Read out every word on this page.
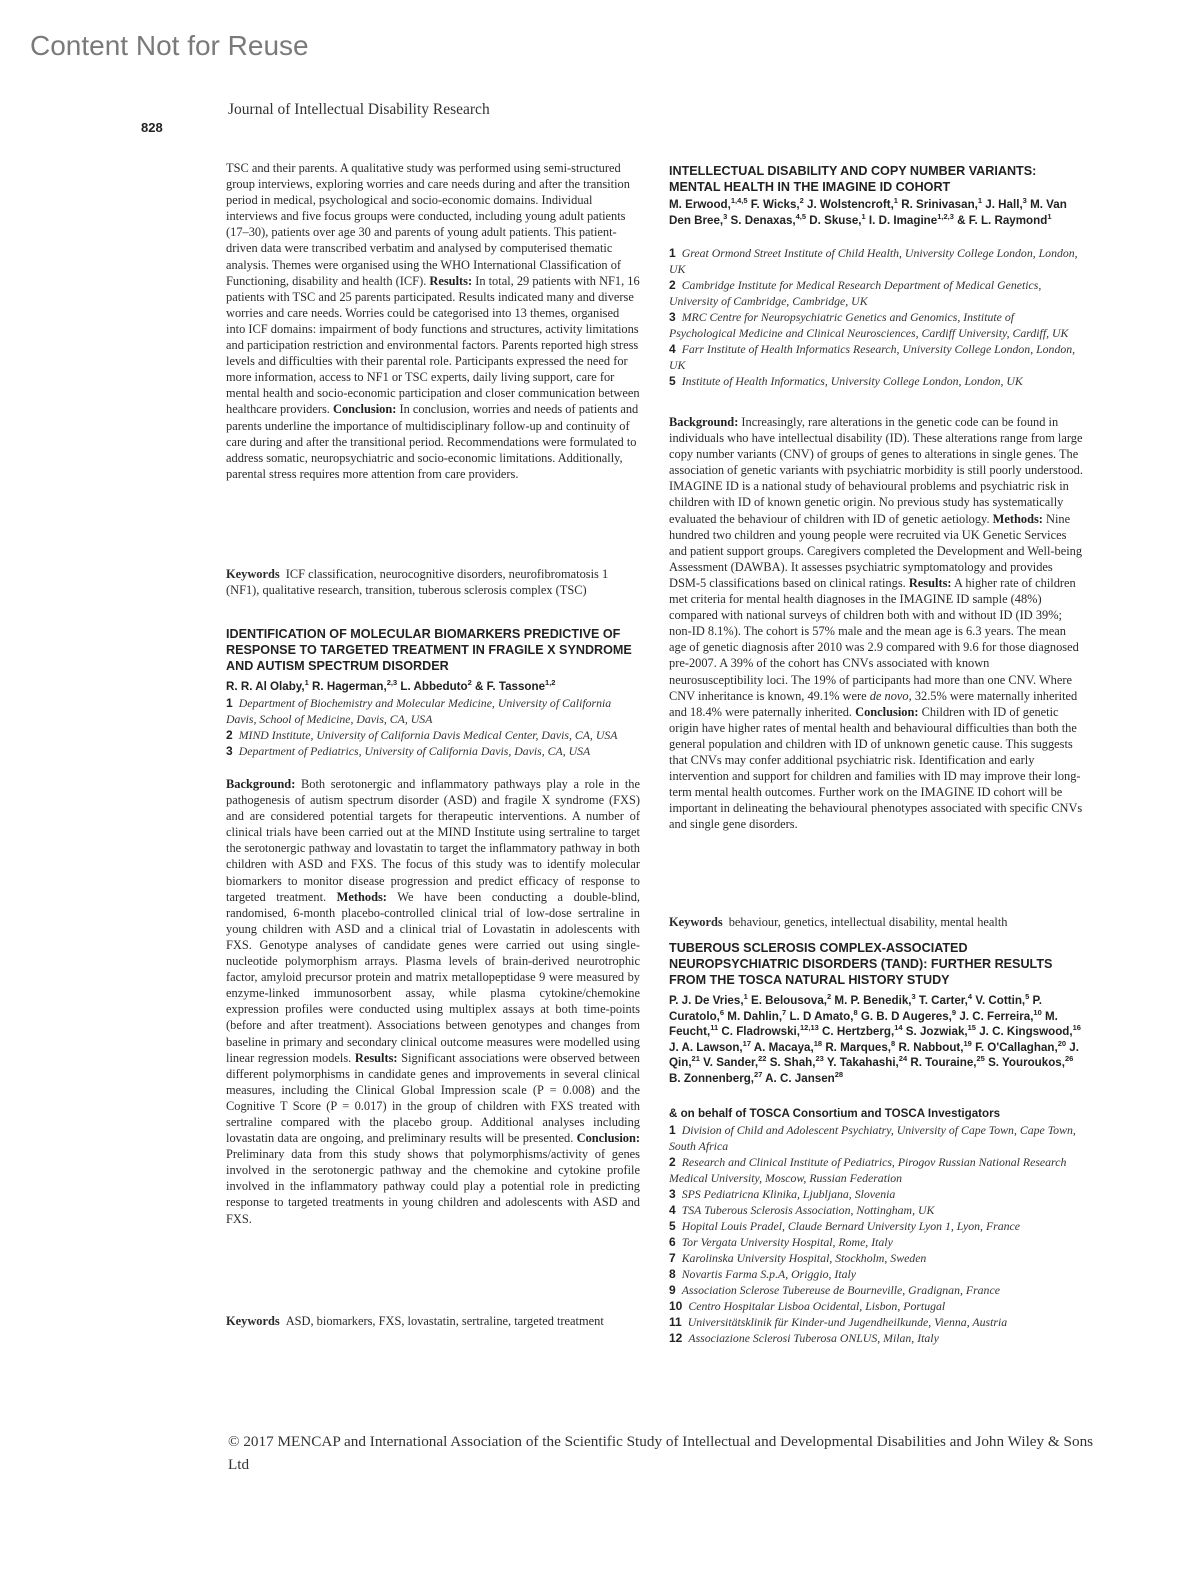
Content Not for Reuse
Journal of Intellectual Disability Research
828
TSC and their parents. A qualitative study was performed using semi-structured group interviews, exploring worries and care needs during and after the transition period in medical, psychological and socio-economic domains. Individual interviews and five focus groups were conducted, including young adult patients (17–30), patients over age 30 and parents of young adult patients. This patient-driven data were transcribed verbatim and analysed by computerised thematic analysis. Themes were organised using the WHO International Classification of Functioning, disability and health (ICF). Results: In total, 29 patients with NF1, 16 patients with TSC and 25 parents participated. Results indicated many and diverse worries and care needs. Worries could be categorised into 13 themes, organised into ICF domains: impairment of body functions and structures, activity limitations and participation restriction and environmental factors. Parents reported high stress levels and difficulties with their parental role. Participants expressed the need for more information, access to NF1 or TSC experts, daily living support, care for mental health and socio-economic participation and closer communication between healthcare providers. Conclusion: In conclusion, worries and needs of patients and parents underline the importance of multidisciplinary follow-up and continuity of care during and after the transitional period. Recommendations were formulated to address somatic, neuropsychiatric and socio-economic limitations. Additionally, parental stress requires more attention from care providers.
Keywords ICF classification, neurocognitive disorders, neurofibromatosis 1 (NF1), qualitative research, transition, tuberous sclerosis complex (TSC)
IDENTIFICATION OF MOLECULAR BIOMARKERS PREDICTIVE OF RESPONSE TO TARGETED TREATMENT IN FRAGILE X SYNDROME AND AUTISM SPECTRUM DISORDER
R. R. Al Olaby,$^1$ R. Hagerman,$^{2,3}$ L. Abbeduto$^2$ & F. Tassone$^{1,2}$
1 Department of Biochemistry and Molecular Medicine, University of California Davis, School of Medicine, Davis, CA, USA
2 MIND Institute, University of California Davis Medical Center, Davis, CA, USA
3 Department of Pediatrics, University of California Davis, Davis, CA, USA
Background: Both serotonergic and inflammatory pathways play a role in the pathogenesis of autism spectrum disorder (ASD) and fragile X syndrome (FXS) and are considered potential targets for therapeutic interventions. A number of clinical trials have been carried out at the MIND Institute using sertraline to target the serotonergic pathway and lovastatin to target the inflammatory pathway in both children with ASD and FXS. The focus of this study was to identify molecular biomarkers to monitor disease progression and predict efficacy of response to targeted treatment. Methods: We have been conducting a double-blind, randomised, 6-month placebo-controlled clinical trial of low-dose sertraline in young children with ASD and a clinical trial of Lovastatin in adolescents with FXS. Genotype analyses of candidate genes were carried out using single-nucleotide polymorphism arrays. Plasma levels of brain-derived neurotrophic factor, amyloid precursor protein and matrix metallopeptidase 9 were measured by enzyme-linked immunosorbent assay, while plasma cytokine/chemokine expression profiles were conducted using multiplex assays at both time-points (before and after treatment). Associations between genotypes and changes from baseline in primary and secondary clinical outcome measures were modelled using linear regression models. Results: Significant associations were observed between different polymorphisms in candidate genes and improvements in several clinical measures, including the Clinical Global Impression scale (P = 0.008) and the Cognitive T Score (P = 0.017) in the group of children with FXS treated with sertraline compared with the placebo group. Additional analyses including lovastatin data are ongoing, and preliminary results will be presented. Conclusion: Preliminary data from this study shows that polymorphisms/activity of genes involved in the serotonergic pathway and the chemokine and cytokine profile involved in the inflammatory pathway could play a potential role in predicting response to targeted treatments in young children and adolescents with ASD and FXS.
Keywords ASD, biomarkers, FXS, lovastatin, sertraline, targeted treatment
INTELLECTUAL DISABILITY AND COPY NUMBER VARIANTS: MENTAL HEALTH IN THE IMAGINE ID COHORT
M. Erwood,$^{1,4,5}$ F. Wicks,$^2$ J. Wolstencroft,$^1$ R. Srinivasan,$^1$ J. Hall,$^3$ M. Van Den Bree,$^3$ S. Denaxas,$^{4,5}$ D. Skuse,$^1$ I. D. Imagine$^{1,2,3}$ & F. L. Raymond$^1$
1 Great Ormond Street Institute of Child Health, University College London, London, UK
2 Cambridge Institute for Medical Research Department of Medical Genetics, University of Cambridge, Cambridge, UK
3 MRC Centre for Neuropsychiatric Genetics and Genomics, Institute of Psychological Medicine and Clinical Neurosciences, Cardiff University, Cardiff, UK
4 Farr Institute of Health Informatics Research, University College London, London, UK
5 Institute of Health Informatics, University College London, London, UK
Background: Increasingly, rare alterations in the genetic code can be found in individuals who have intellectual disability (ID). These alterations range from large copy number variants (CNV) of groups of genes to alterations in single genes. The association of genetic variants with psychiatric morbidity is still poorly understood. IMAGINE ID is a national study of behavioural problems and psychiatric risk in children with ID of known genetic origin. No previous study has systematically evaluated the behaviour of children with ID of genetic aetiology. Methods: Nine hundred two children and young people were recruited via UK Genetic Services and patient support groups. Caregivers completed the Development and Well-being Assessment (DAWBA). It assesses psychiatric symptomatology and provides DSM-5 classifications based on clinical ratings. Results: A higher rate of children met criteria for mental health diagnoses in the IMAGINE ID sample (48%) compared with national surveys of children both with and without ID (ID 39%; non-ID 8.1%). The cohort is 57% male and the mean age is 6.3 years. The mean age of genetic diagnosis after 2010 was 2.9 compared with 9.6 for those diagnosed pre-2007. A 39% of the cohort has CNVs associated with known neurosusceptibility loci. The 19% of participants had more than one CNV. Where CNV inheritance is known, 49.1% were de novo, 32.5% were maternally inherited and 18.4% were paternally inherited. Conclusion: Children with ID of genetic origin have higher rates of mental health and behavioural difficulties than both the general population and children with ID of unknown genetic cause. This suggests that CNVs may confer additional psychiatric risk. Identification and early intervention and support for children and families with ID may improve their long-term mental health outcomes. Further work on the IMAGINE ID cohort will be important in delineating the behavioural phenotypes associated with specific CNVs and single gene disorders.
Keywords behaviour, genetics, intellectual disability, mental health
TUBEROUS SCLEROSIS COMPLEX-ASSOCIATED NEUROPSYCHIATRIC DISORDERS (TAND): FURTHER RESULTS FROM THE TOSCA NATURAL HISTORY STUDY
P. J. De Vries,$^1$ E. Belousova,$^2$ M. P. Benedik,$^3$ T. Carter,$^4$ V. Cottin,$^5$ P. Curatolo,$^6$ M. Dahlin,$^7$ L. D Amato,$^8$ G. B. D Augeres,$^9$ J. C. Ferreira,$^{10}$ M. Feucht,$^{11}$ C. Fladrowski,$^{12,13}$ C. Hertzberg,$^{14}$ S. Jozwiak,$^{15}$ J. C. Kingswood,$^{16}$ J. A. Lawson,$^{17}$ A. Macaya,$^{18}$ R. Marques,$^8$ R. Nabbout,$^{19}$ F. O'Callaghan,$^{20}$ J. Qin,$^{21}$ V. Sander,$^{22}$ S. Shah,$^{23}$ Y. Takahashi,$^{24}$ R. Touraine,$^{25}$ S. Youroukos,$^{26}$ B. Zonnenberg,$^{27}$ A. C. Jansen$^{28}$
& on behalf of TOSCA Consortium and TOSCA Investigators
1 Division of Child and Adolescent Psychiatry, University of Cape Town, Cape Town, South Africa
2 Research and Clinical Institute of Pediatrics, Pirogov Russian National Research Medical University, Moscow, Russian Federation
3 SPS Pediatricna Klinika, Ljubljana, Slovenia
4 TSA Tuberous Sclerosis Association, Nottingham, UK
5 Hopital Louis Pradel, Claude Bernard University Lyon 1, Lyon, France
6 Tor Vergata University Hospital, Rome, Italy
7 Karolinska University Hospital, Stockholm, Sweden
8 Novartis Farma S.p.A, Origgio, Italy
9 Association Sclerose Tubereuse de Bourneville, Gradignan, France
10 Centro Hospitalar Lisboa Ocidental, Lisbon, Portugal
11 Universitätsklinik für Kinder-und Jugendheilkunde, Vienna, Austria
12 Associazione Sclerosi Tuberosa ONLUS, Milan, Italy
© 2017 MENCAP and International Association of the Scientific Study of Intellectual and Developmental Disabilities and John Wiley & Sons Ltd
